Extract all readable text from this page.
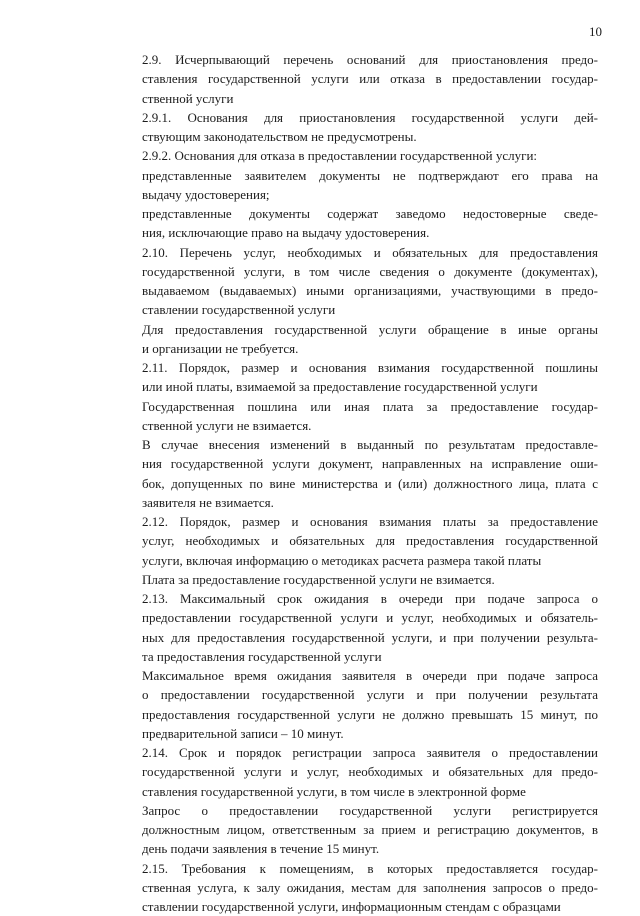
10

2.9. Исчерпывающий перечень оснований для приостановления предо-
ставления государственной услуги или отказа в предоставлении государ-
ственной услуги

2.9.1. Основания для приостановления государственной услуги дей-
ствующим законодательством не предусмотрены.

2.9.2. Основания для отказа в предоставлении государственной услуги:

представленные заявителем документы не подтверждают его права на
выдачу удостоверения;

представленные документы содержат заведомо недостоверные сведе-
ния, исключающие право на выдачу удостоверения.

2.10. Перечень услуг, необходимых и обязательных для предоставления
государственной услуги, в том числе сведения о документе (документах),
выдаваемом (выдаваемых) иными организациями, участвующими в предо-
ставлении государственной услуги

Для предоставления государственной услуги обращение в иные органы
и организации не требуется.

2.11. Порядок, размер и основания взимания государственной пошлины
или иной платы, взимаемой за предоставление государственной услуги

Государственная пошлина или иная плата за предоставление государ-
ственной услуги не взимается.

В случае внесения изменений в выданный по результатам предоставле-
ния государственной услуги документ, направленных на исправление оши-
бок, допущенных по вине министерства и (или) должностного лица, плата с
заявителя не взимается.

2.12. Порядок, размер и основания взимания платы за предоставление
услуг, необходимых и обязательных для предоставления государственной
услуги, включая информацию о методиках расчета размера такой платы

Плата за предоставление государственной услуги не взимается.

2.13. Максимальный срок ожидания в очереди при подаче запроса о
предоставлении государственной услуги и услуг, необходимых и обязатель-
ных для предоставления государственной услуги, и при получении результа-
та предоставления государственной услуги

Максимальное время ожидания заявителя в очереди при подаче запроса
о предоставлении государственной услуги и при получении результата
предоставления государственной услуги не должно превышать 15 минут, по
предварительной записи – 10 минут.

2.14. Срок и порядок регистрации запроса заявителя о предоставлении
государственной услуги и услуг, необходимых и обязательных для предо-
ставления государственной услуги, в том числе в электронной форме

Запрос о предоставлении государственной услуги регистрируется
должностным лицом, ответственным за прием и регистрацию документов, в
день подачи заявления в течение 15 минут.

2.15. Требования к помещениям, в которых предоставляется государ-
ственная услуга, к залу ожидания, местам для заполнения запросов о предо-
ставлении государственной услуги, информационным стендам с образцами
